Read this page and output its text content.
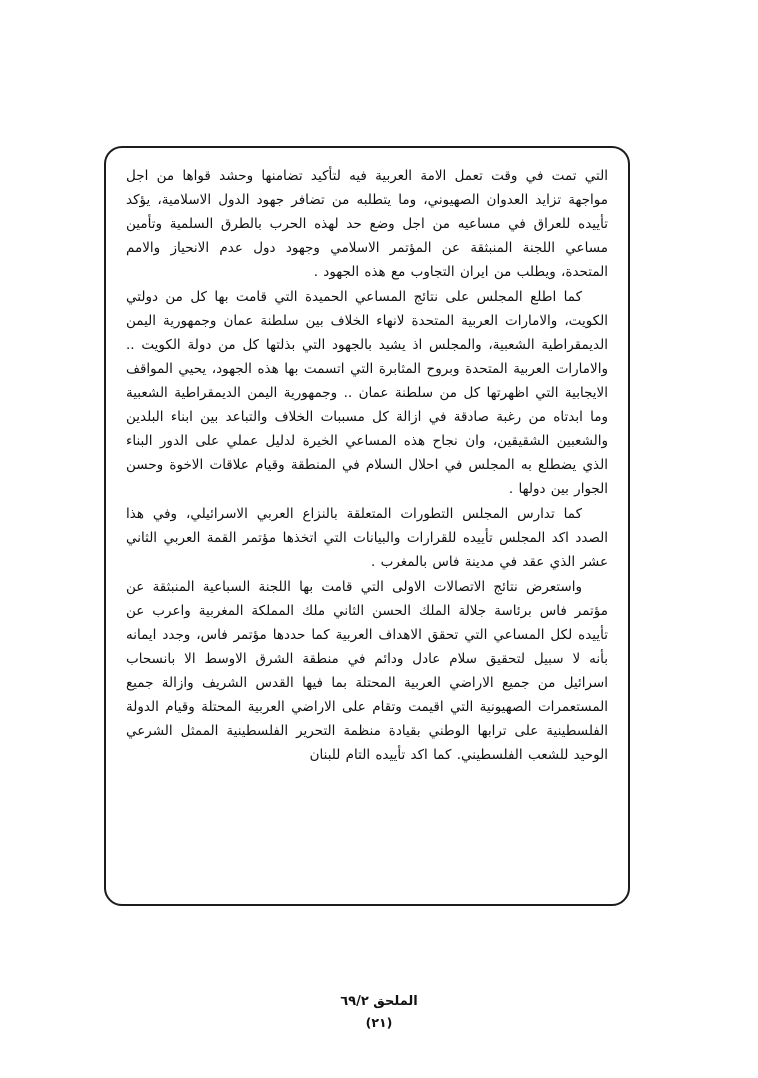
التي تمت في وقت تعمل الامة العربية فيه لتأكيد تضامنها وحشد قواها من اجل مواجهة تزايد العدوان الصهيوني، وما يتطلبه من تضافر جهود الدول الاسلامية، يؤكد تأييده للعراق في مساعيه من اجل وضع حد لهذه الحرب بالطرق السلمية وتأمين مساعي اللجنة المنبثقة عن المؤتمر الاسلامي وجهود دول عدم الانحياز والامم المتحدة، ويطلب من ايران التجاوب مع هذه الجهود .

كما اطلع المجلس على نتائج المساعي الحميدة التي قامت بها كل من دولتي الكويت، والامارات العربية المتحدة لانهاء الخلاف بين سلطنة عمان وجمهورية اليمن الديمقراطية الشعبية، والمجلس اذ يشيد بالجهود التي بذلتها كل من دولة الكويت .. والامارات العربية المتحدة وبروح المثابرة التي اتسمت بها هذه الجهود، يحيي المواقف الايجابية التي اظهرتها كل من سلطنة عمان .. وجمهورية اليمن الديمقراطية الشعبية وما ابدتاه من رغبة صادقة في ازالة كل مسببات الخلاف والتباعد بين ابناء البلدين والشعبين الشقيقين، وان نجاح هذه المساعي الخيرة لدليل عملي على الدور البناء الذي يضطلع به المجلس في احلال السلام في المنطقة وقيام علاقات الاخوة وحسن الجوار بين دولها .

كما تدارس المجلس التطورات المتعلقة بالنزاع العربي الاسرائيلي، وفي هذا الصدد اكد المجلس تأييده للقرارات والبيانات التي اتخذها مؤتمر القمة العربي الثاني عشر الذي عقد في مدينة فاس بالمغرب .

واستعرض نتائج الاتصالات الاولى التي قامت بها اللجنة السباعية المنبثقة عن مؤتمر فاس برئاسة جلالة الملك الحسن الثاني ملك المملكة المغربية واعرب عن تأييده لكل المساعي التي تحقق الاهداف العربية كما حددها مؤتمر فاس، وجدد ايمانه بأنه لا سبيل لتحقيق سلام عادل ودائم في منطقة الشرق الاوسط الا بانسحاب اسرائيل من جميع الاراضي العربية المحتلة بما فيها القدس الشريف وازالة جميع المستعمرات الصهيونية التي اقيمت وتقام على الاراضي العربية المحتلة وقيام الدولة الفلسطينية على ترابها الوطني بقيادة منظمة التحرير الفلسطينية الممثل الشرعي الوحيد للشعب الفلسطيني. كما اكد تأييده التام للبنان

الملحق ٦٩/٢
(٢١)
